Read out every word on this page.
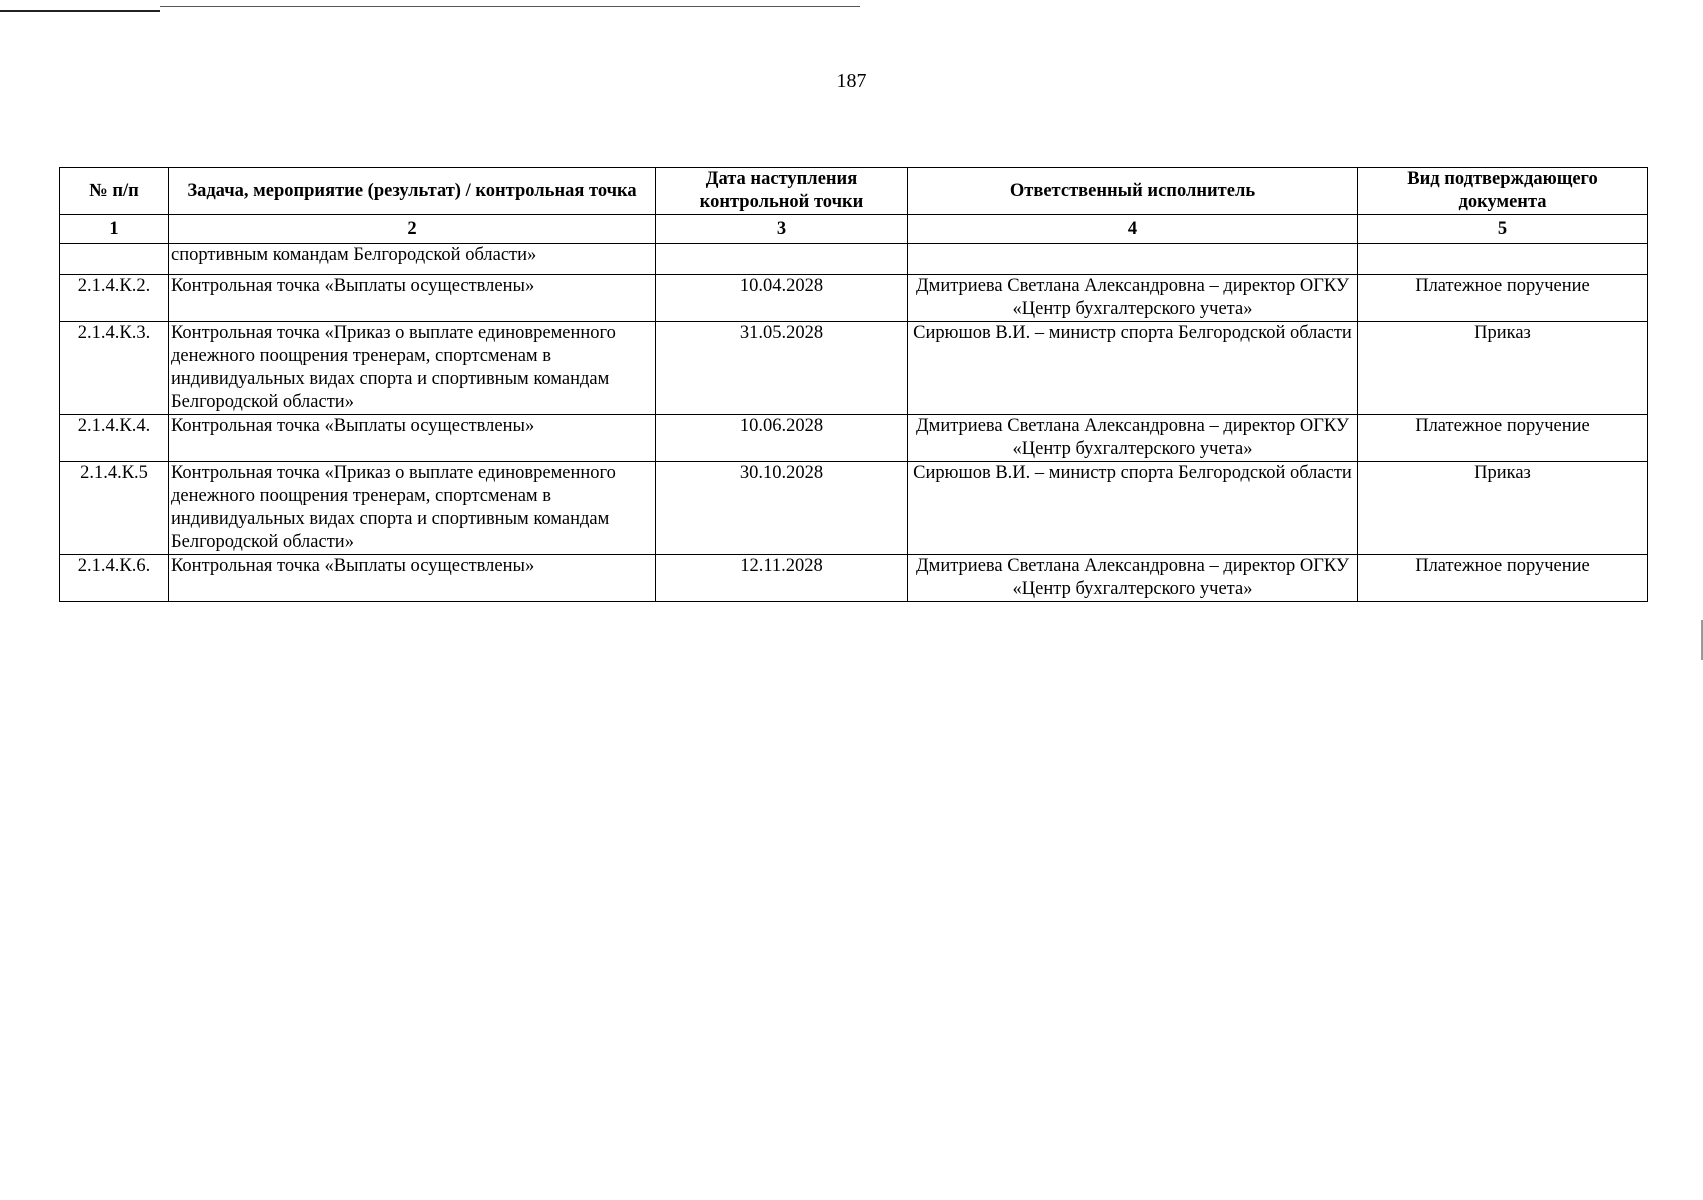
187
№ п/п	Задача, мероприятие (результат) / контрольная точка	Дата наступления контрольной точки	Ответственный исполнитель	Вид подтверждающего документа
1	2	3	4	5
	спортивным командам Белгородской области»			
2.1.4.К.2.	Контрольная точка «Выплаты осуществлены»	10.04.2028	Дмитриева Светлана Александровна – директор ОГКУ «Центр бухгалтерского учета»	Платежное поручение
2.1.4.К.3.	Контрольная точка «Приказ о выплате единовременного денежного поощрения тренерам, спортсменам в индивидуальных видах спорта и спортивным командам Белгородской области»	31.05.2028	Сирюшов В.И. – министр спорта Белгородской области	Приказ
2.1.4.К.4.	Контрольная точка «Выплаты осуществлены»	10.06.2028	Дмитриева Светлана Александровна – директор ОГКУ «Центр бухгалтерского учета»	Платежное поручение
2.1.4.К.5	Контрольная точка «Приказ о выплате единовременного денежного поощрения тренерам, спортсменам в индивидуальных видах спорта и спортивным командам Белгородской области»	30.10.2028	Сирюшов В.И. – министр спорта Белгородской области	Приказ
2.1.4.К.6.	Контрольная точка «Выплаты осуществлены»	12.11.2028	Дмитриева Светлана Александровна – директор ОГКУ «Центр бухгалтерского учета»	Платежное поручение
